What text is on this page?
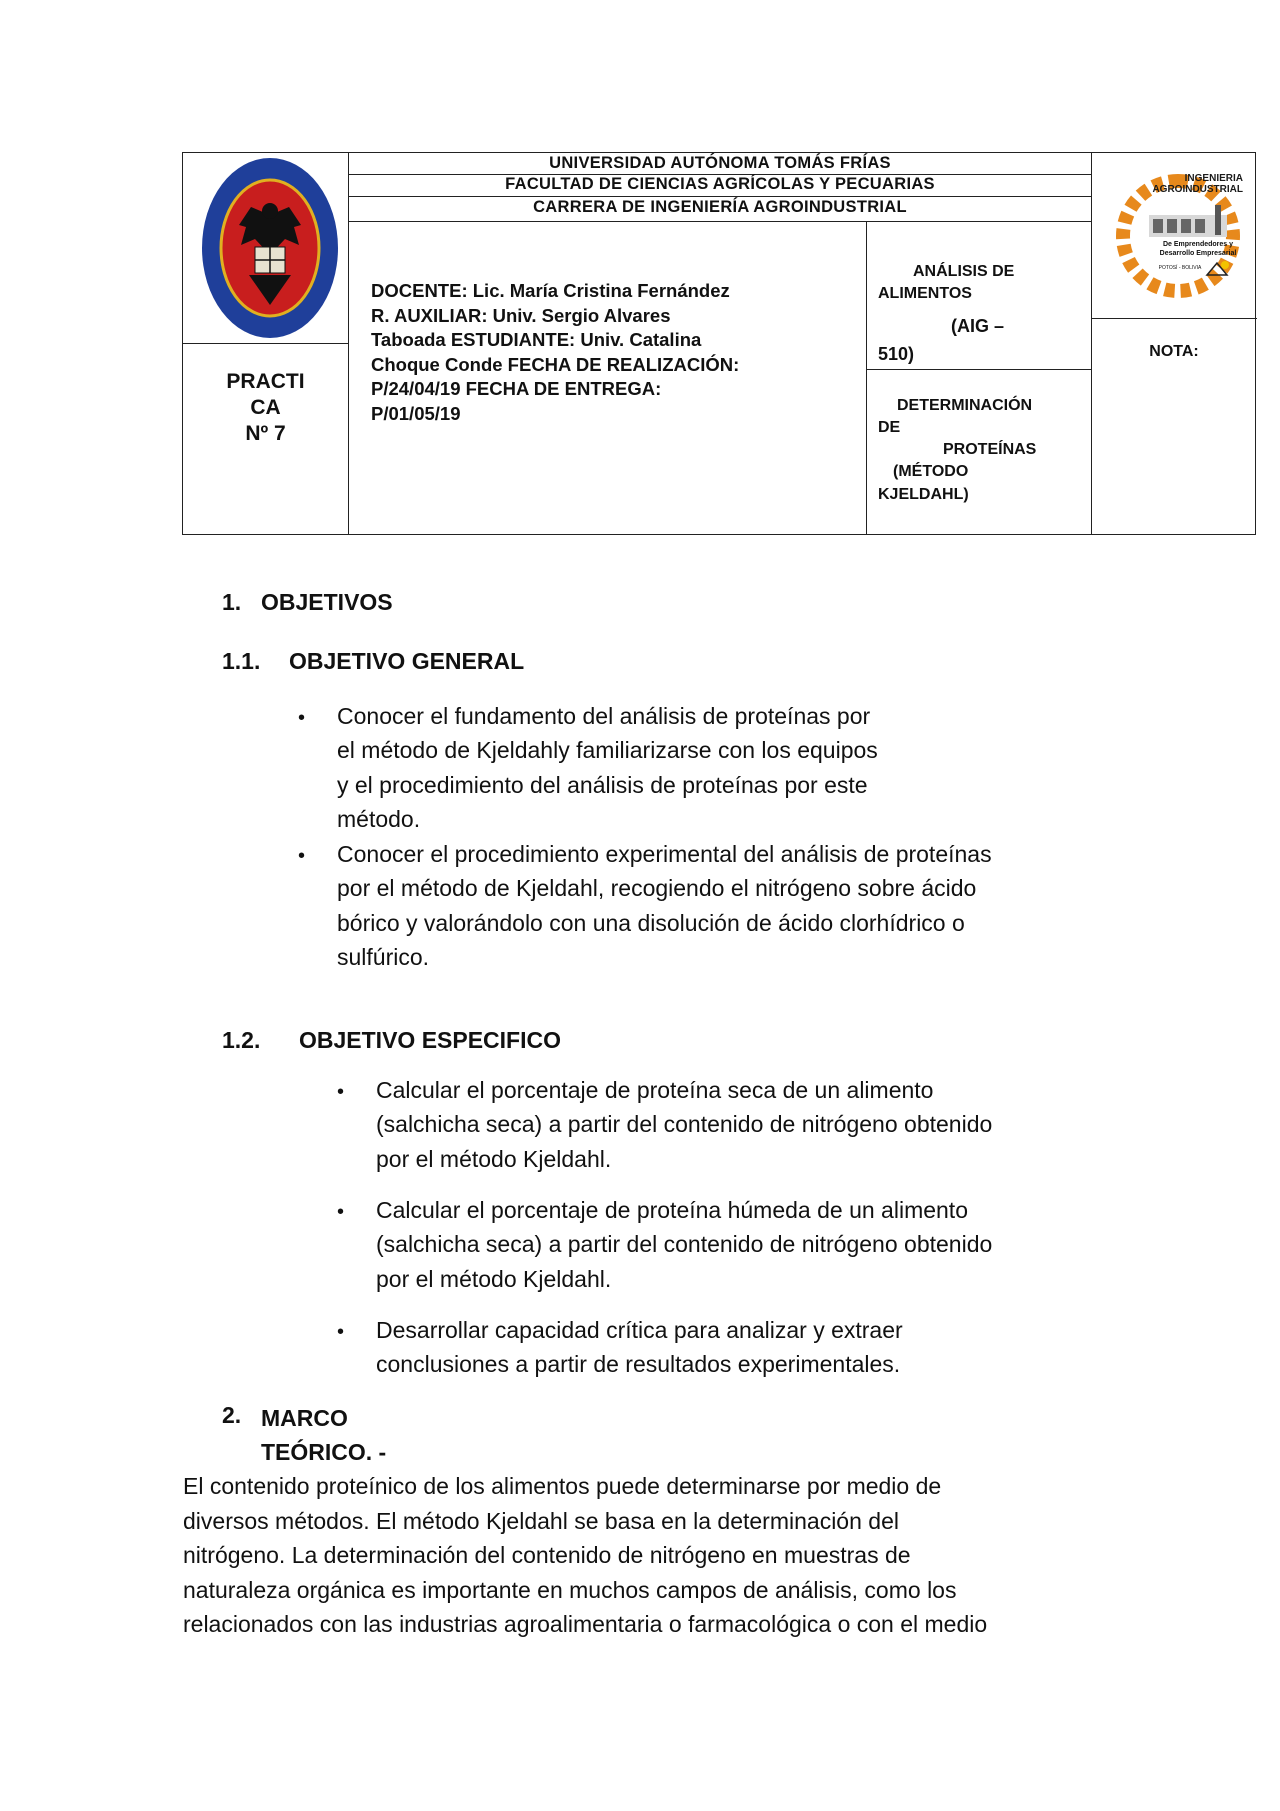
UNIVERSIDAD AUTÓNOMA TOMÁS FRÍAS
FACULTAD DE CIENCIAS AGRÍCOLAS Y PECUARIAS
CARRERA DE INGENIERÍA AGROINDUSTRIAL
INGENIERIA AGROINDUSTRIAL
De Emprendedores y
Desarrollo Empresarial
POTOSÍ - BOLIVIA
DOCENTE: Lic. María Cristina Fernández
R. AUXILIAR: Univ. Sergio Alvares
Taboada ESTUDIANTE: Univ. Catalina
Choque Conde FECHA DE REALIZACIÓN:
P/24/04/19 FECHA DE ENTREGA:
P/01/05/19
PRACTI
CA
Nº 7
ANÁLISIS DE
ALIMENTOS
(AIG –
510)
DETERMINACIÓN
DE
PROTEÍNAS
(MÉTODO
KJELDAHL)
NOTA:
1. OBJETIVOS
1.1. OBJETIVO GENERAL
• Conocer el fundamento del análisis de proteínas por
el método de Kjeldahly familiarizarse con los equipos
y el procedimiento del análisis de proteínas por este
método.
• Conocer el procedimiento experimental del análisis de proteínas
por el método de Kjeldahl, recogiendo el nitrógeno sobre ácido
bórico y valorándolo con una disolución de ácido clorhídrico o
sulfúrico.
1.2. OBJETIVO ESPECIFICO
• Calcular el porcentaje de proteína seca de un alimento
(salchicha seca) a partir del contenido de nitrógeno obtenido
por el método Kjeldahl.
• Calcular el porcentaje de proteína húmeda de un alimento
(salchicha seca) a partir del contenido de nitrógeno obtenido
por el método Kjeldahl.
• Desarrollar capacidad crítica para analizar y extraer
conclusiones a partir de resultados experimentales.
2. MARCO
TEÓRICO. -
El contenido proteínico de los alimentos puede determinarse por medio de
diversos métodos. El método Kjeldahl se basa en la determinación del
nitrógeno. La determinación del contenido de nitrógeno en muestras de
naturaleza orgánica es importante en muchos campos de análisis, como los
relacionados con las industrias agroalimentaria o farmacológica o con el medio
